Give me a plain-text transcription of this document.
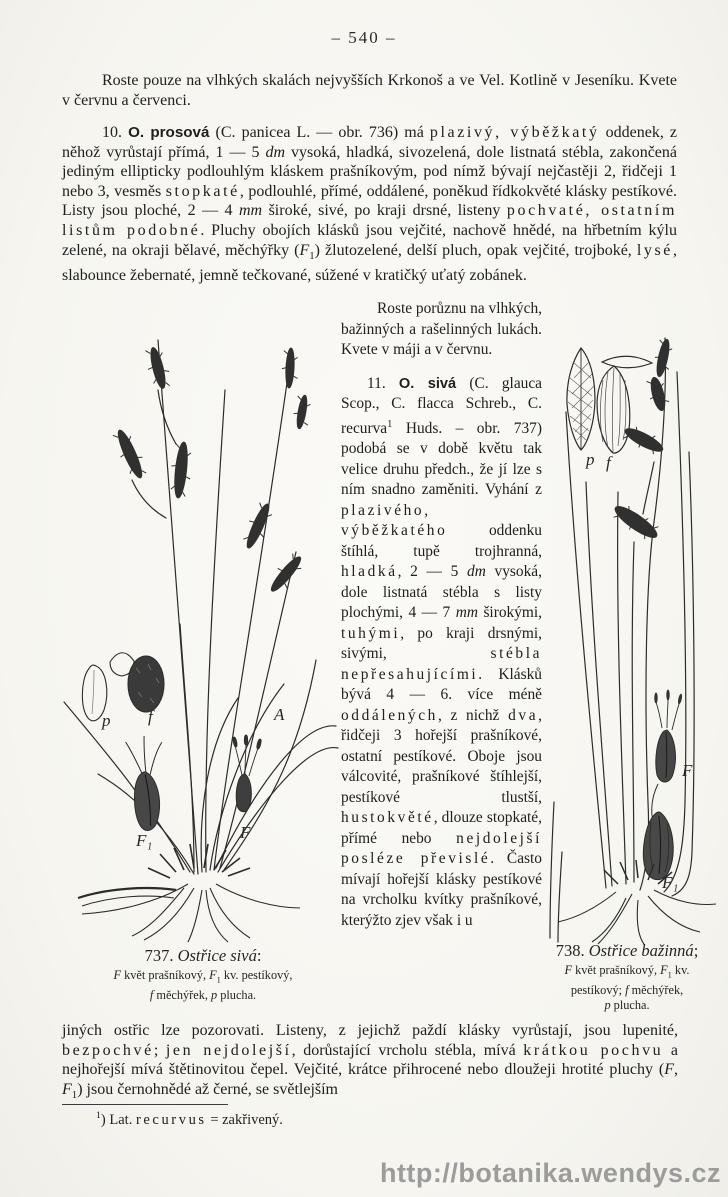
– 540 –
Roste pouze na vlhkých skalách nejvyšších Krkonoš a ve Vel. Kotlině v Jeseníku. Kvete v červnu a červenci.
10. O. prosová (C. panicea L. — obr. 736) má plazivý, výběžkatý oddenek, z něhož vyrůstají přímá, 1 — 5 dm vysoká, hladká, sivozelená, dole listnatá stébla, zakončená jediným ellipticky podlouhlým kláskem prašníkovým, pod nímž bývají nejčastěji 2, řidčeji 1 nebo 3, vesměs stopkaté, podlouhlé, přímé, oddálené, poněkud řídkokvěté klásky pestíkové. Listy jsou ploché, 2 — 4 mm široké, sivé, po kraji drsné, listeny pochvaté, ostatním listům podobné. Pluchy obojích klásků jsou vejčité, nachově hnědé, na hřbetním kýlu zelené, na okraji bělavé, měchýřky $(F_1)$ žlutozelené, delší pluch, opak vejčité, trojboké, lysé, slabounce žebernaté, jemně tečkované, súžené v kratičký uťatý zobánek.
p f	A
F₁	F

Roste porůznu na vlhkých, bažinných a rašelinných lukách. Kvete v máji a v červnu.

11. O. sivá (C. glauca Scop., C. flacca Schreb., C. recurva$^1$ Huds. – obr. 737) podobá se v době květu tak velice druhu předch., že jí lze s ním snadno zaměniti. Vyhání z plazivého, výběžkatého oddenku štíhlá, tupě trojhranná, hladká, 2 — 5 dm vysoká, dole listnatá stébla s listy plochými, 4 — 7 mm širokými, tuhými, po kraji drsnými, sivými, stébla nepřesahujícími. Klásků bývá 4 — 6. více méně oddálených, z nichž dva, řidčeji 3 hořejší prašníkové, ostatní pestíkové. Oboje jsou válcovité, prašníkové štíhlejší, pestíkové tlustší, hustokvěté, dlouze stopkaté, přímé nebo nejdolejší posléze převislé. Často mívají hořejší klásky pestíkové na vrcholku kvítky prašníkové, kterýžto zjev však i u

p f
F
F₁

737. Ostřice sivá:

F květ prašníkový, $F_1$ kv. pestíkový,

f měchýřek, p plucha.

738. Ostřice bažinná;

F květ prašníkový, $F_1$ kv.

pestíkový; f měchýřek,

p plucha.

jiných ostřic lze pozorovati. Listeny, z jejichž paždí klásky vyrůstají, jsou lupenité, bezpochvé; jen nejdolejší, dorůstající vrcholu stébla, mívá krátkou pochvu a nejhořejší mívá štětinovitou čepel. Vejčité, krátce přihrocené nebo dloužeji hrotité pluchy (F, $F_1$) jsou černohnědé až černé, se světlejším
$^1$) Lat. recurvus = zakřivený.
http://botanika.wendys.cz
